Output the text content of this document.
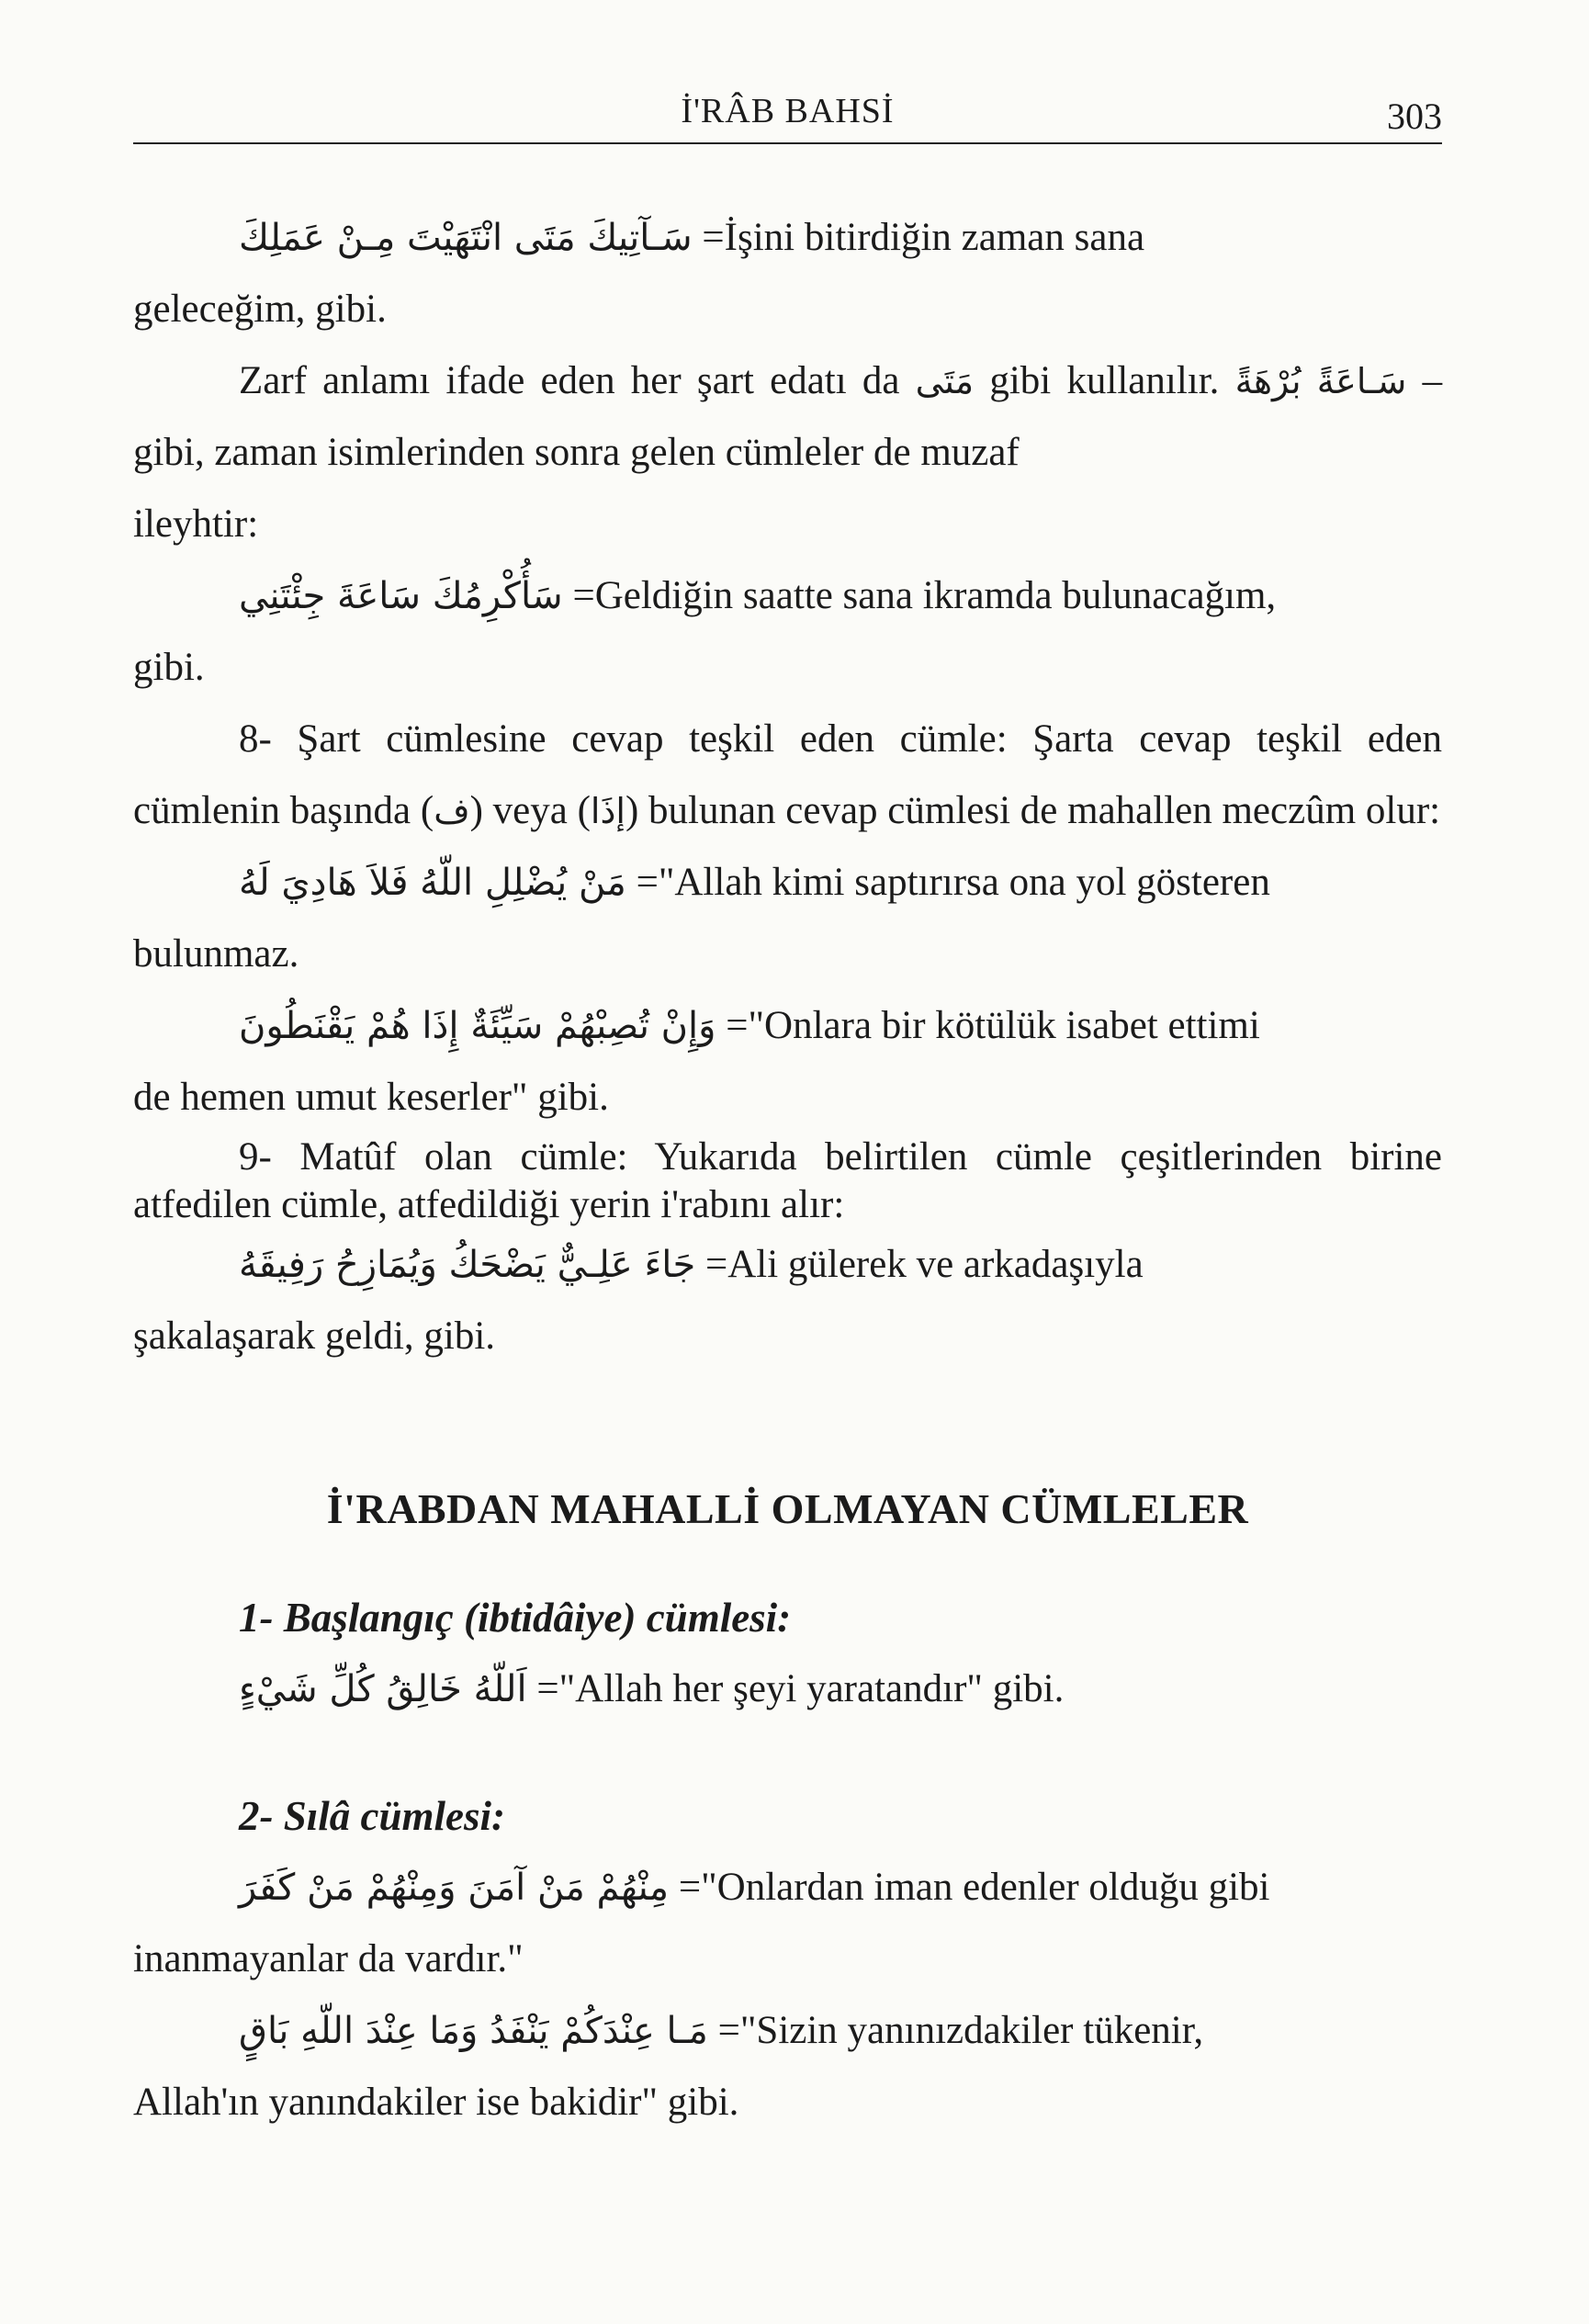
İ'RÂB BAHSİ	303

سَـآتِيكَ مَتَى انْتَهَيْتَ مِـنْ عَمَلِكَ =İşini bitirdiğin zaman sana

geleceğim, gibi.

Zarf anlamı ifade eden her şart edatı da مَتَى gibi kullanılır. بُرْهَةً سَـاعَةً – gibi, zaman isimlerinden sonra gelen cümleler de muzaf

ileyhtir:

سَأُكْرِمُكَ سَاعَةَ جِئْتَنِي =Geldiğin saatte sana ikramda bulunacağım,

gibi.

8- Şart cümlesine cevap teşkil eden cümle: Şarta cevap teşkil eden cümlenin başında (ف) veya (إذَا) bulunan cevap cümlesi de mahallen meczûm olur:

مَنْ يُضْلِلِ اللّهُ فَلاَ هَادِيَ لَهُ ="Allah kimi saptırırsa ona yol gösteren

bulunmaz.

وَإِنْ تُصِبْهُمْ سَيِّئَةٌ إِذَا هُمْ يَقْنَطُونَ ="Onlara bir kötülük isabet ettimi

de hemen umut keserler" gibi.

9- Matûf olan cümle: Yukarıda belirtilen cümle çeşitlerinden birine atfedilen cümle, atfedildiği yerin i'rabını alır:

جَاءَ عَلِـيٌّ يَضْحَكُ وَيُمَازِحُ رَفِيقَهُ =Ali gülerek ve arkadaşıyla

şakalaşarak geldi, gibi.

İ'RABDAN MAHALLİ OLMAYAN CÜMLELER

1- Başlangıç (ibtidâiye) cümlesi:

اَللّهُ خَالِقُ كُلِّ شَيْءٍ ="Allah her şeyi yaratandır" gibi.

2- Sılâ cümlesi:

مِنْهُمْ مَنْ آمَنَ وَمِنْهُمْ مَنْ كَفَرَ ="Onlardan iman edenler olduğu gibi

inanmayanlar da vardır."

مَـا عِنْدَكُمْ يَنْفَدُ وَمَا عِنْدَ اللّهِ بَاقٍ ="Sizin yanınızdakiler tükenir,

Allah'ın yanındakiler ise bakidir" gibi.
